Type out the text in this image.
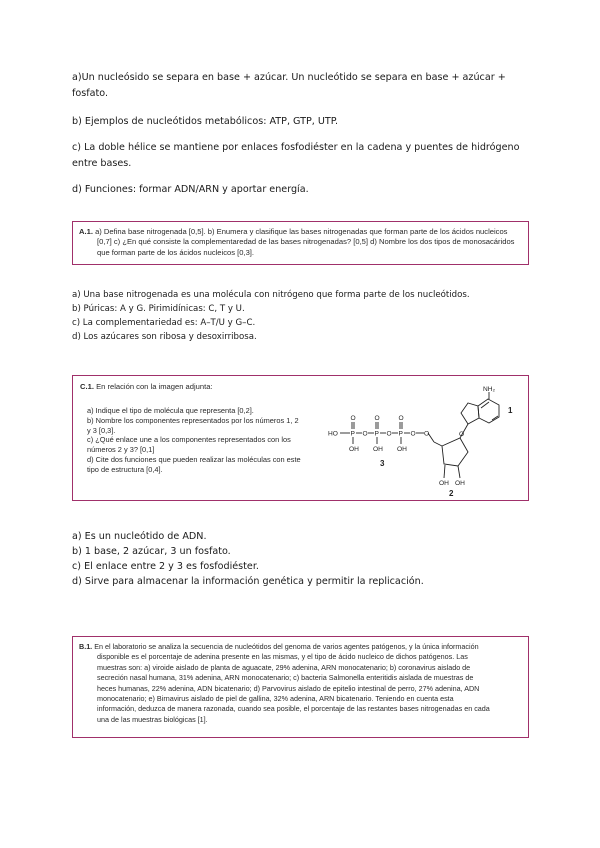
a)Un nucleósido se separa en base + azúcar. Un nucleótido se separa en base + azúcar +

fosfato.

b) Ejemplos de nucleótidos metabólicos: ATP, GTP, UTP.

c) La doble hélice se mantiene por enlaces fosfodiéster en la cadena y puentes de hidrógeno

entre bases.

d) Funciones: formar ADN/ARN y aportar energía.

A.1. a) Defina base nitrogenada [0,5]. b) Enumera y clasifique las bases nitrogenadas que forman parte de los ácidos nucleicos

[0,7] c) ¿En qué consiste la complementaredad de las bases nitrogenadas? [0,5] d) Nombre los dos tipos de monosacáridos

que forman parte de los ácidos nucleicos [0,3].

a) Una base nitrogenada es una molécula con nitrógeno que forma parte de los nucleótidos.

b) Púricas: A y G. Pirimidínicas: C, T y U.

c) La complementariedad es: A–T/U y G–C.

d) Los azúcares son ribosa y desoxirribosa.

C.1. En relación con la imagen adjunta:

a) Indique el tipo de molécula que representa [0,2].
b) Nombre los componentes representados por los números 1, 2
y 3 [0,3].
c) ¿Qué enlace une a los componentes representados con los
números 2 y 3? [0,1]
d) Cite dos funciones que pueden realizar las moléculas con este
tipo de estructura [0,4].
HO P	P	P
O	O	O
O	O	O
OH OH OH
O	O
OH OH
NH₂
1
2
3

a) Es un nucleótido de ADN.

b) 1 base, 2 azúcar, 3 un fosfato.

c) El enlace entre 2 y 3 es fosfodiéster.

d) Sirve para almacenar la información genética y permitir la replicación.

B.1. En el laboratorio se analiza la secuencia de nucleótidos del genoma de varios agentes patógenos, y la única información

disponible es el porcentaje de adenina presente en las mismas, y el tipo de ácido nucleico de dichos patógenos. Las

muestras son: a) viroide aislado de planta de aguacate, 29% adenina, ARN monocatenario; b) coronavirus aislado de

secreción nasal humana, 31% adenina, ARN monocatenario; c) bacteria Salmonella enteritidis aislada de muestras de

heces humanas, 22% adenina, ADN bicatenario; d) Parvovirus aislado de epitelio intestinal de perro, 27% adenina, ADN

monocatenario; e) Birnavirus aislado de piel de gallina, 32% adenina, ARN bicatenario. Teniendo en cuenta esta

información, deduzca de manera razonada, cuando sea posible, el porcentaje de las restantes bases nitrogenadas en cada

una de las muestras biológicas [1].
